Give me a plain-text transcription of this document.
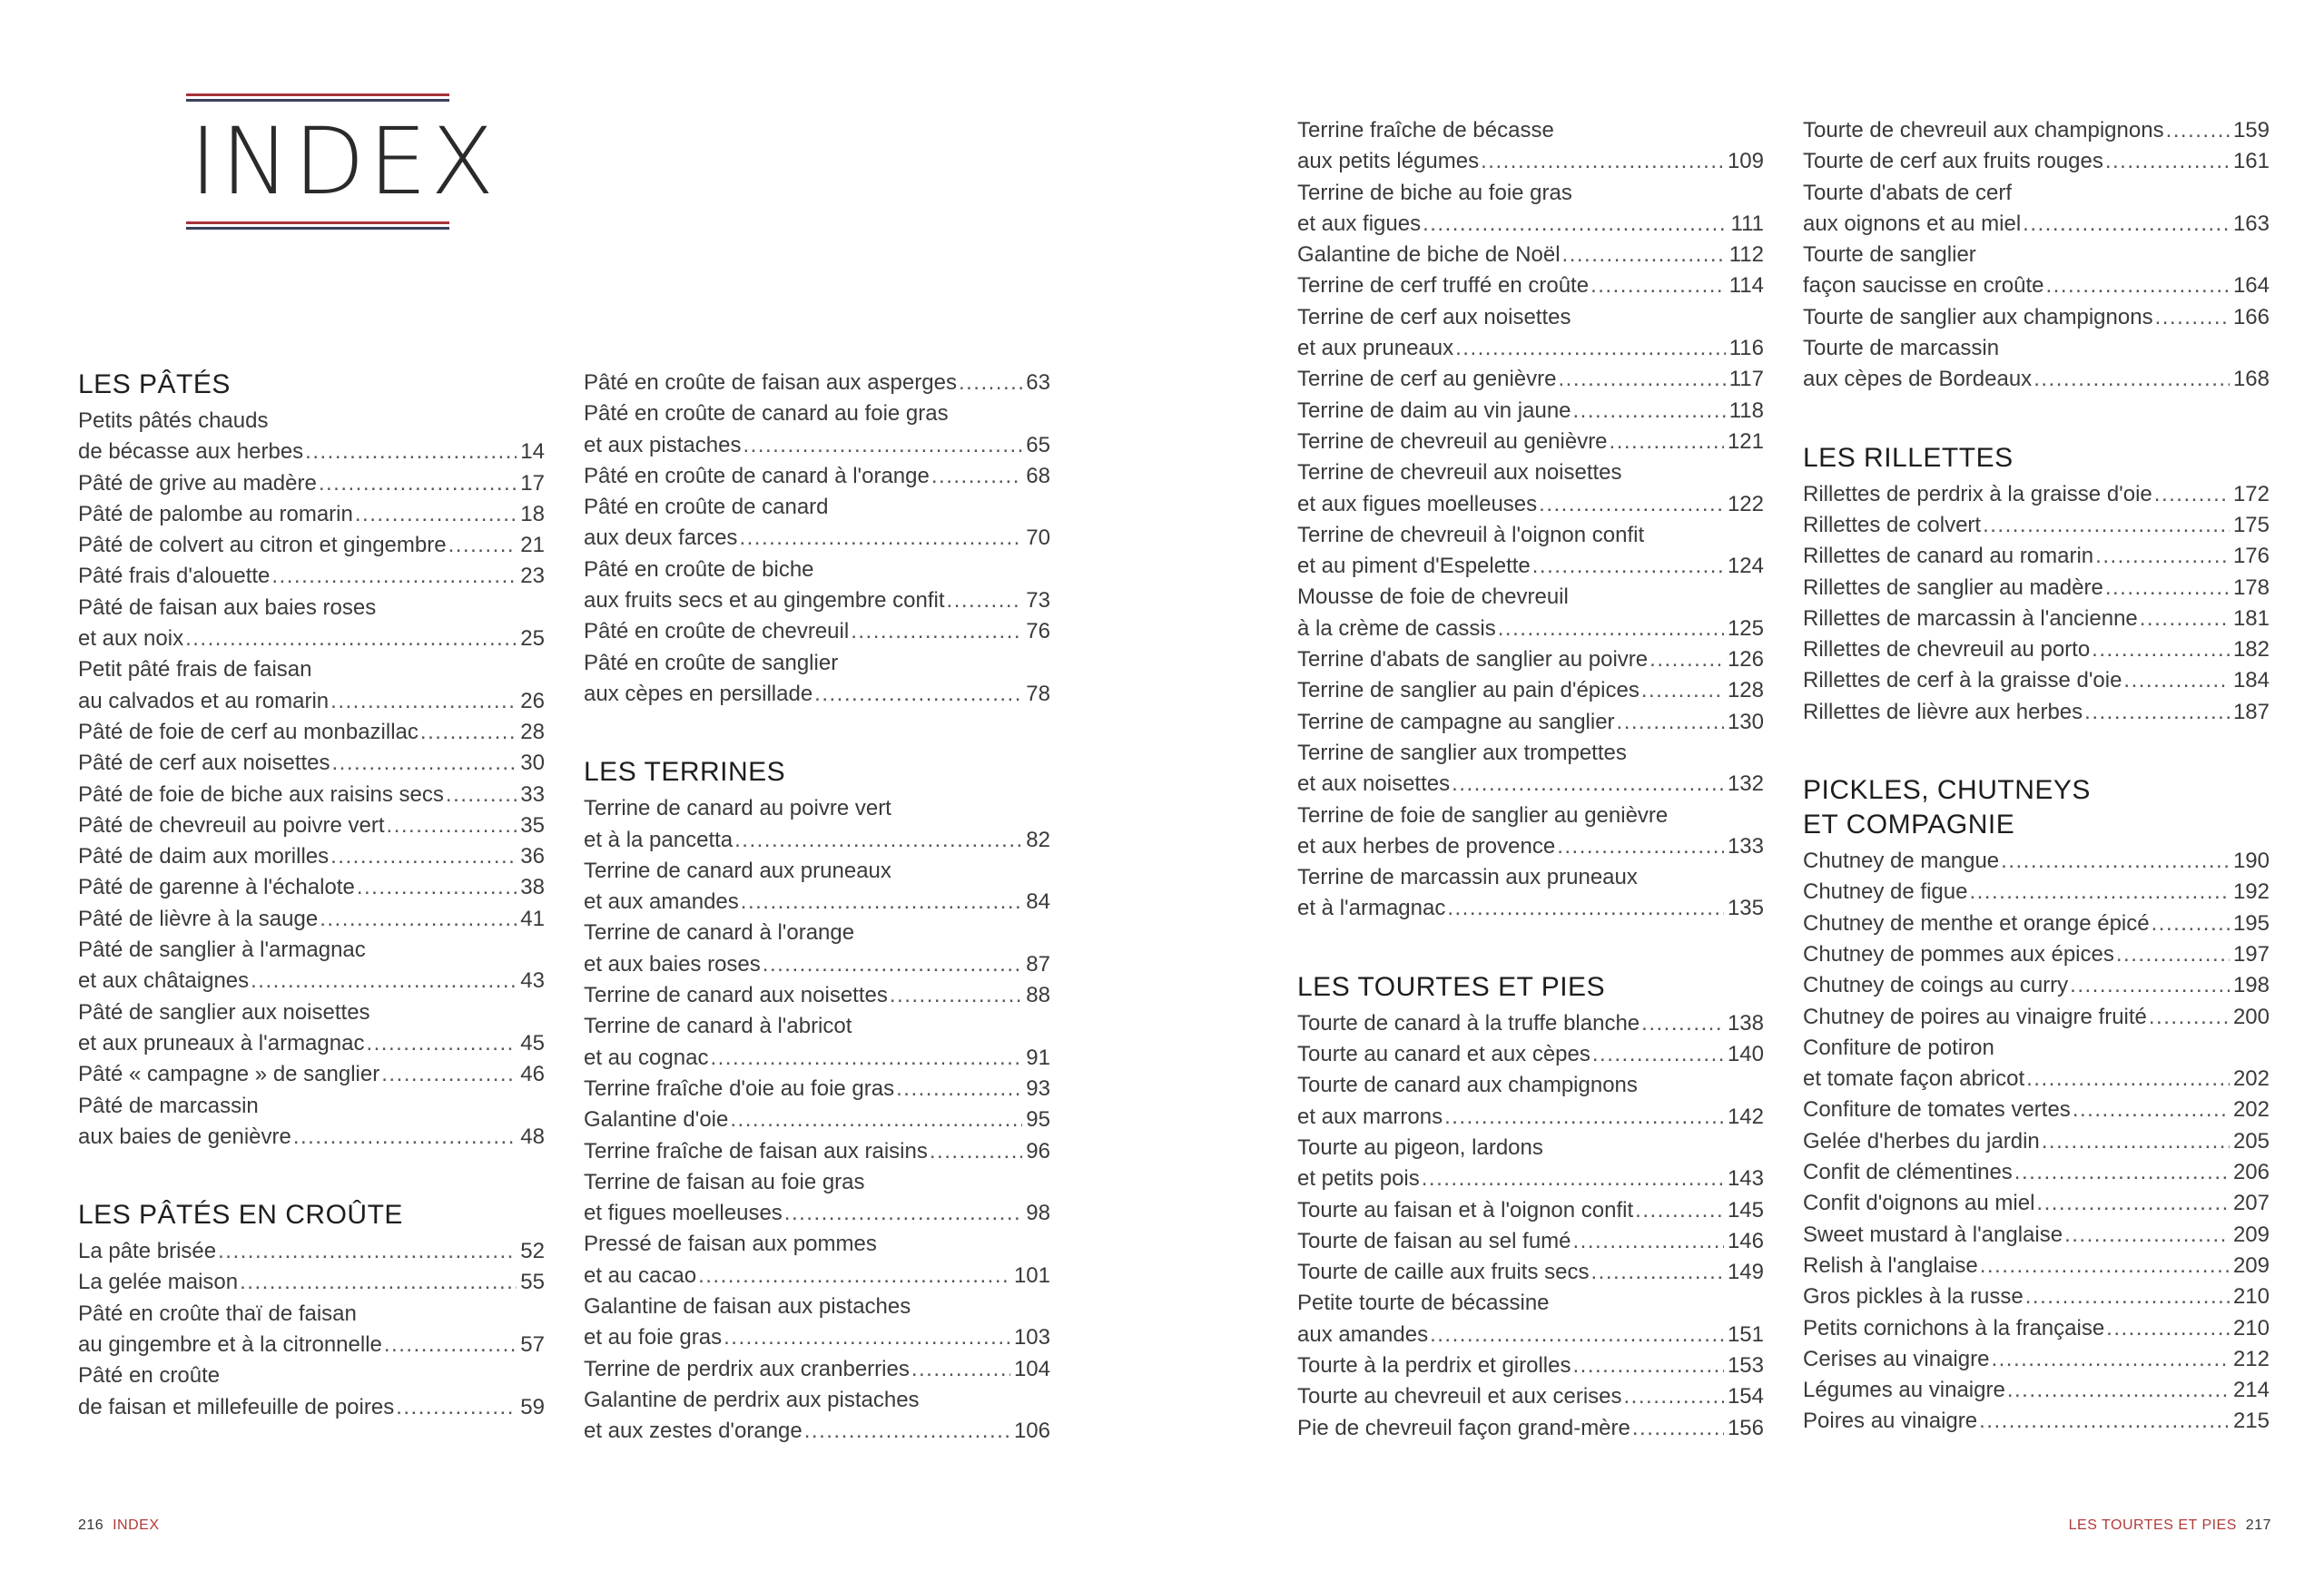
INDEX
LES PÂTÉS
Petits pâtés chauds
de bécasse aux herbes .....	14
Pâté de grive au madère .....	17
Pâté de palombe au romarin .....	18
Pâté de colvert au citron et gingembre .....	21
Pâté frais d'alouette .....	23
Pâté de faisan aux baies roses
et aux noix .....	25
Petit pâté frais de faisan
au calvados et au romarin .....	26
Pâté de foie de cerf au monbazillac .....	28
Pâté de cerf aux noisettes .....	30
Pâté de foie de biche aux raisins secs .....	33
Pâté de chevreuil au poivre vert .....	35
Pâté de daim aux morilles .....	36
Pâté de garenne à l'échalote .....	38
Pâté de lièvre à la sauge .....	41
Pâté de sanglier à l'armagnac
et aux châtaignes .....	43
Pâté de sanglier aux noisettes
et aux pruneaux à l'armagnac .....	45
Pâté « campagne » de sanglier .....	46
Pâté de marcassin
aux baies de genièvre .....	48
LES PÂTÉS EN CROÛTE
La pâte brisée .....	52
La gelée maison .....	55
Pâté en croûte thaï de faisan
au gingembre et à la citronnelle .....	57
Pâté en croûte
de faisan et millefeuille de poires .....	59
Pâté en croûte de faisan aux asperges .....	63
Pâté en croûte de canard au foie gras
et aux pistaches .....	65
Pâté en croûte de canard à l'orange .....	68
Pâté en croûte de canard
aux deux farces .....	70
Pâté en croûte de biche
aux fruits secs et au gingembre confit .....	73
Pâté en croûte de chevreuil .....	76
Pâté en croûte de sanglier
aux cèpes en persillade .....	78
LES TERRINES
Terrine de canard au poivre vert
et à la pancetta .....	82
Terrine de canard aux pruneaux
et aux amandes .....	84
Terrine de canard à l'orange
et aux baies roses .....	87
Terrine de canard aux noisettes .....	88
Terrine de canard à l'abricot
et au cognac .....	91
Terrine fraîche d'oie au foie gras .....	93
Galantine d'oie .....	95
Terrine fraîche de faisan aux raisins .....	96
Terrine de faisan au foie gras
et figues moelleuses .....	98
Pressé de faisan aux pommes
et au cacao .....	101
Galantine de faisan aux pistaches
et au foie gras .....	103
Terrine de perdrix aux cranberries .....	104
Galantine de perdrix aux pistaches
et aux zestes d'orange .....	106
Terrine fraîche de bécasse
aux petits légumes .....	109
Terrine de biche au foie gras
et aux figues .....	111
Galantine de biche de Noël .....	112
Terrine de cerf truffé en croûte .....	114
Terrine de cerf aux noisettes
et aux pruneaux .....	116
Terrine de cerf au genièvre .....	117
Terrine de daim au vin jaune .....	118
Terrine de chevreuil au genièvre .....	121
Terrine de chevreuil aux noisettes
et aux figues moelleuses .....	122
Terrine de chevreuil à l'oignon confit
et au piment d'Espelette .....	124
Mousse de foie de chevreuil
à la crème de cassis .....	125
Terrine d'abats de sanglier au poivre .....	126
Terrine de sanglier au pain d'épices .....	128
Terrine de campagne au sanglier .....	130
Terrine de sanglier aux trompettes
et aux noisettes .....	132
Terrine de foie de sanglier au genièvre
et aux herbes de provence .....	133
Terrine de marcassin aux pruneaux
et à l'armagnac .....	135
LES TOURTES ET PIES
Tourte de canard à la truffe blanche .....	138
Tourte au canard et aux cèpes .....	140
Tourte de canard aux champignons
et aux marrons .....	142
Tourte au pigeon, lardons
et petits pois .....	143
Tourte au faisan et à l'oignon confit .....	145
Tourte de faisan au sel fumé .....	146
Tourte de caille aux fruits secs .....	149
Petite tourte de bécassine
aux amandes .....	151
Tourte à la perdrix et girolles .....	153
Tourte au chevreuil et aux cerises .....	154
Pie de chevreuil façon grand-mère .....	156
Tourte de chevreuil aux champignons .....	159
Tourte de cerf aux fruits rouges .....	161
Tourte d'abats de cerf
aux oignons et au miel .....	163
Tourte de sanglier
façon saucisse en croûte .....	164
Tourte de sanglier aux champignons .....	166
Tourte de marcassin
aux cèpes de Bordeaux .....	168
LES RILLETTES
Rillettes de perdrix à la graisse d'oie .....	172
Rillettes de colvert .....	175
Rillettes de canard au romarin .....	176
Rillettes de sanglier au madère .....	178
Rillettes de marcassin à l'ancienne .....	181
Rillettes de chevreuil au porto .....	182
Rillettes de cerf à la graisse d'oie .....	184
Rillettes de lièvre aux herbes .....	187
PICKLES, CHUTNEYS
ET COMPAGNIE
Chutney de mangue .....	190
Chutney de figue .....	192
Chutney de menthe et orange épicé .....	195
Chutney de pommes aux épices .....	197
Chutney de coings au curry .....	198
Chutney de poires au vinaigre fruité .....	200
Confiture de potiron
et tomate façon abricot .....	202
Confiture de tomates vertes .....	202
Gelée d'herbes du jardin .....	205
Confit de clémentines .....	206
Confit d'oignons au miel .....	207
Sweet mustard à l'anglaise .....	209
Relish à l'anglaise .....	209
Gros pickles à la russe .....	210
Petits cornichons à la française .....	210
Cerises au vinaigre .....	212
Légumes au vinaigre .....	214
Poires au vinaigre .....	215
216 INDEX	LES TOURTES ET PIES 217
